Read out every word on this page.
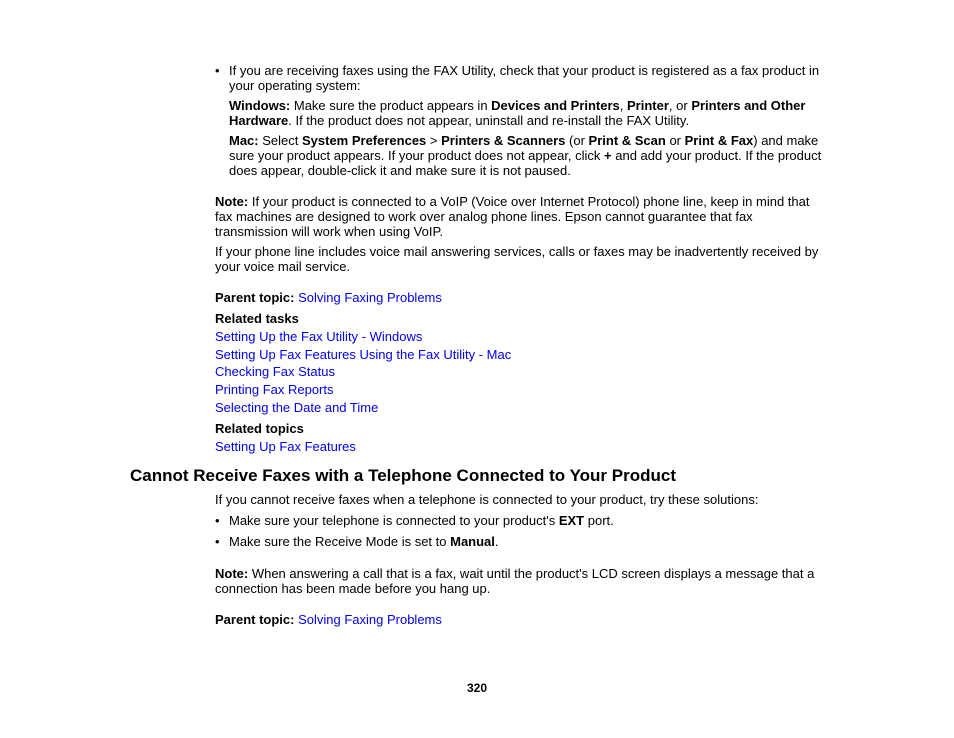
• If you are receiving faxes using the FAX Utility, check that your product is registered as a fax product in your operating system:
Windows: Make sure the product appears in Devices and Printers, Printer, or Printers and Other Hardware. If the product does not appear, uninstall and re-install the FAX Utility.
Mac: Select System Preferences > Printers & Scanners (or Print & Scan or Print & Fax) and make sure your product appears. If your product does not appear, click + and add your product. If the product does appear, double-click it and make sure it is not paused.
Note: If your product is connected to a VoIP (Voice over Internet Protocol) phone line, keep in mind that fax machines are designed to work over analog phone lines. Epson cannot guarantee that fax transmission will work when using VoIP.
If your phone line includes voice mail answering services, calls or faxes may be inadvertently received by your voice mail service.
Parent topic: Solving Faxing Problems
Related tasks
Setting Up the Fax Utility - Windows
Setting Up Fax Features Using the Fax Utility - Mac
Checking Fax Status
Printing Fax Reports
Selecting the Date and Time
Related topics
Setting Up Fax Features
Cannot Receive Faxes with a Telephone Connected to Your Product
If you cannot receive faxes when a telephone is connected to your product, try these solutions:
• Make sure your telephone is connected to your product's EXT port.
• Make sure the Receive Mode is set to Manual.
Note: When answering a call that is a fax, wait until the product's LCD screen displays a message that a connection has been made before you hang up.
Parent topic: Solving Faxing Problems
320
